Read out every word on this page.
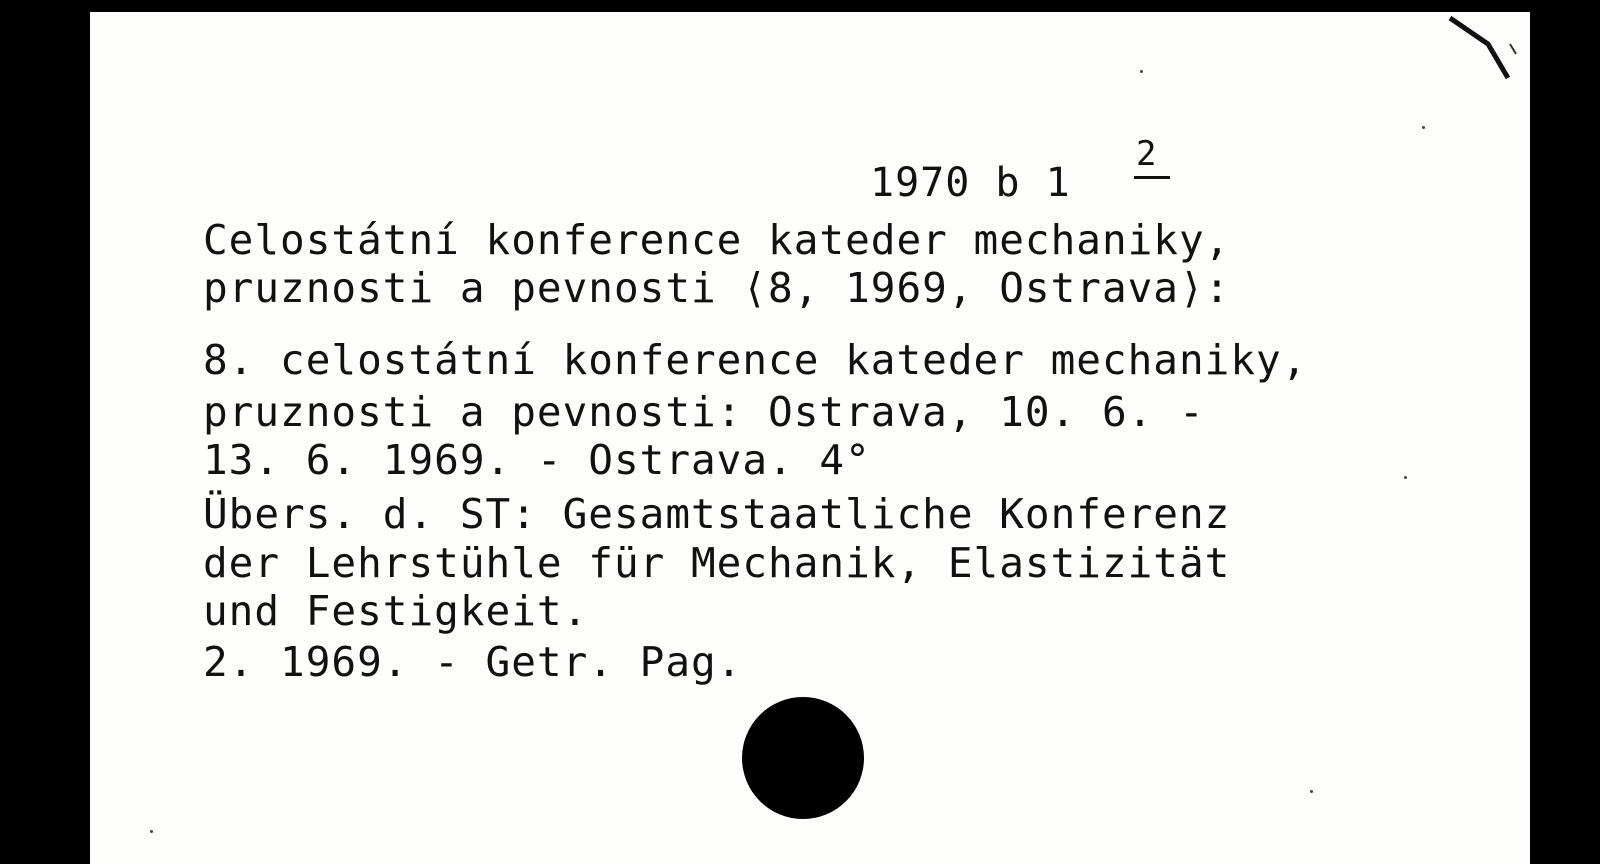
1970 b 1
2
Celostátní konference kateder mechaniky,
pruznosti a pevnosti ⟨8, 1969, Ostrava⟩:
8. celostátní konference kateder mechaniky,
pruznosti a pevnosti: Ostrava, 10. 6. -
13. 6. 1969. - Ostrava. 4°
Übers. d. ST: Gesamtstaatliche Konferenz
der Lehrstühle für Mechanik, Elastizität
und Festigkeit.
2. 1969. - Getr. Pag.
